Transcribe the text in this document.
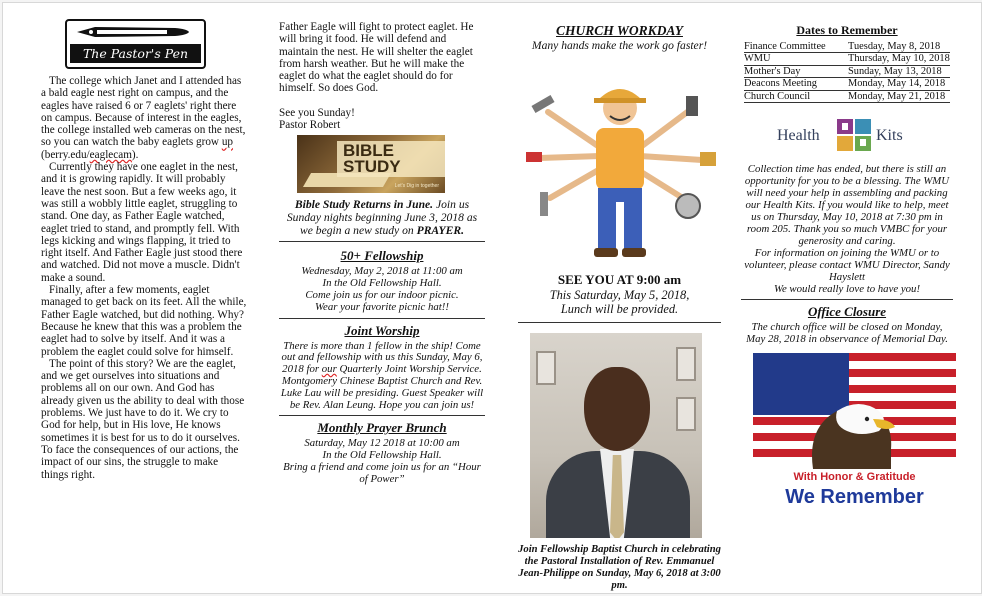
The Pastor's Pen

The college which Janet and I attended has a bald eagle nest right on campus, and the eagles have raised 6 or 7 eaglets' right there on campus. Because of interest in the eagles, the college installed web cameras on the nest, so you can watch the baby eaglets grow up
(berry.edu/eaglecam).

Currently they have one eaglet in the nest, and it is growing rapidly. It will probably leave the nest soon. But a few weeks ago, it was still a wobbly little eaglet, struggling to stand. One day, as Father Eagle watched, eaglet tried to stand, and promptly fell. With legs kicking and wings flapping, it tried to right itself. And Father Eagle just stood there and watched. Did not move a muscle. Didn't make a sound.

Finally, after a few moments, eaglet managed to get back on its feet. All the while, Father Eagle watched, but did nothing. Why? Because he knew that this was a problem the eaglet had to solve by itself. And it was a problem the eaglet could solve for himself.

The point of this story? We are the eaglet, and we get ourselves into situations and problems all on our own. And God has already given us the ability to deal with those problems. We just have to do it. We cry to God for help, but in His love, He knows sometimes it is best for us to do it ourselves. To face the consequences of our actions, the impact of our sins, the struggle to make things right.

Father Eagle will fight to protect eaglet. He will bring it food. He will defend and maintain the nest. He will shelter the eaglet from harsh weather. But he will make the eaglet do what the eaglet should do for himself. So does God.

See you Sunday!

Pastor Robert

BIBLE STUDY
Let's Dig in together

Bible Study Returns in June. Join us Sunday nights beginning June 3, 2018 as we begin a new study on PRAYER.

50+ Fellowship

Wednesday, May 2, 2018 at 11:00 am

In the Old Fellowship Hall.

Come join us for our indoor picnic.

Wear your favorite picnic hat!!

Joint Worship

There is more than 1 fellow in the ship! Come out and fellowship with us this Sunday, May 6, 2018 for our Quarterly Joint Worship Service. Montgomery Chinese Baptist Church and Rev. Luke Lau will be presiding. Guest Speaker will be Rev. Alan Leung. Hope you can join us!

Monthly Prayer Brunch

Saturday, May 12 2018 at 10:00 am

In the Old Fellowship Hall.

Bring a friend and come join us for an “Hour of Power”

CHURCH WORKDAY

Many hands make the work go faster!

SEE YOU AT 9:00 am

This Saturday, May 5, 2018,

Lunch will be provided.

Join Fellowship Baptist Church in celebrating the Pastoral Installation of Rev. Emmanuel Jean-Philippe on Sunday, May 6, 2018 at 3:00 pm.

Dates to Remember
Finance Committee	Tuesday, May 8, 2018
WMU	Thursday, May 10, 2018
Mother's Day	Sunday, May 13, 2018
Deacons Meeting	Monday, May 14, 2018
Church Council	Monday, May 21, 2018
Health	Kits

Collection time has ended, but there is still an opportunity for you to be a blessing. The WMU will need your help in assembling and packing our Health Kits. If you would like to help, meet us on Thursday, May 10, 2018 at 7:30 pm in room 205. Thank you so much VMBC for your generosity and caring.

For information on joining the WMU or to volunteer, please contact WMU Director, Sandy Hayslett

We would really love to have you!

Office Closure

The church office will be closed on Monday, May 28, 2018 in observance of Memorial Day.

With Honor & Gratitude
We Remember
